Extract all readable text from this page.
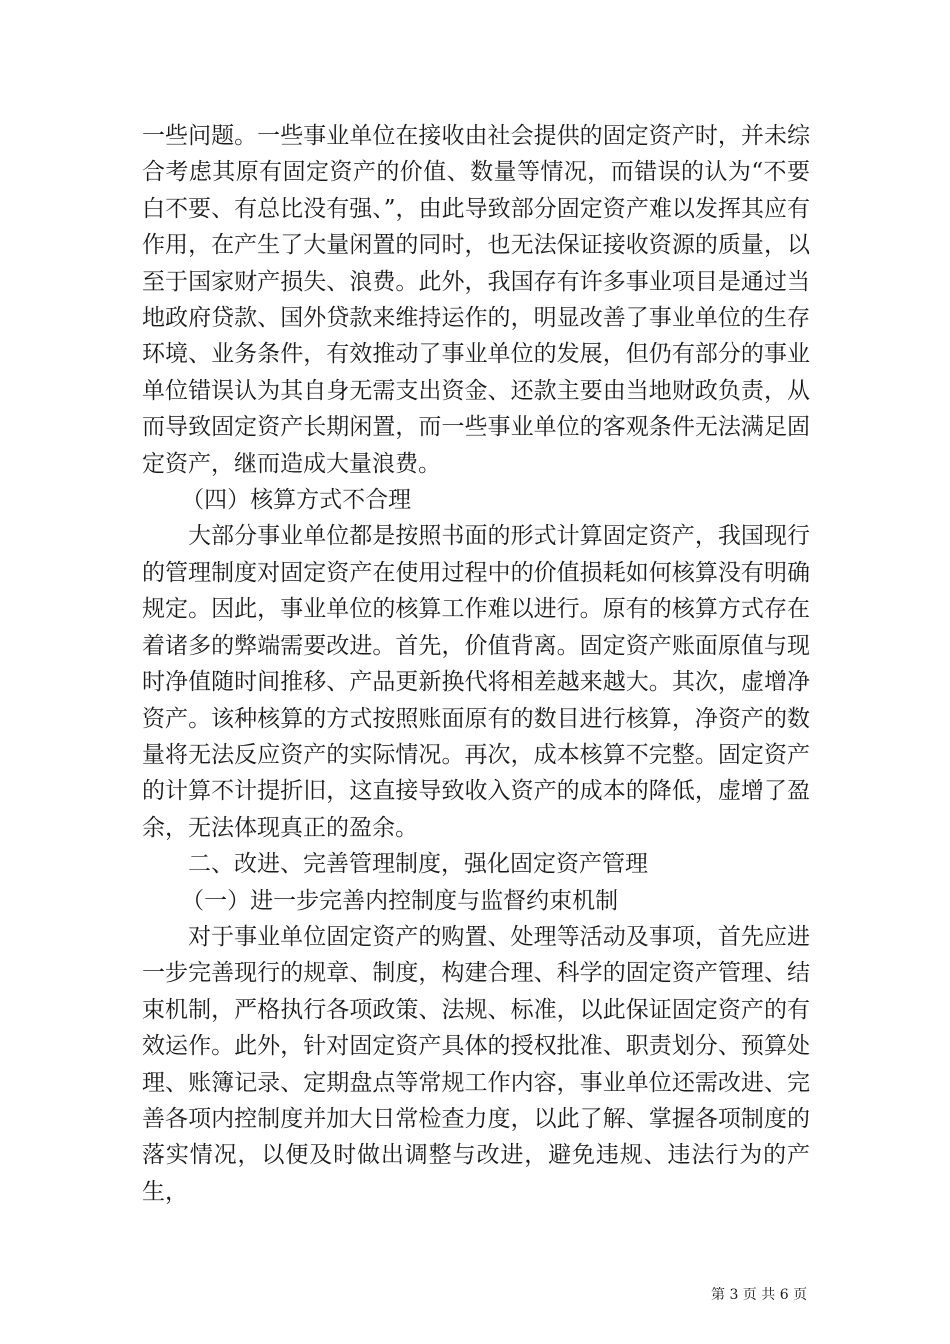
一些问题。一些事业单位在接收由社会提供的固定资产时，并未综合考虑其原有固定资产的价值、数量等情况，而错误的认为“不要白不要、有总比没有强、”，由此导致部分固定资产难以发挥其应有作用，在产生了大量闲置的同时，也无法保证接收资源的质量，以至于国家财产损失、浪费。此外，我国存有许多事业项目是通过当地政府贷款、国外贷款来维持运作的，明显改善了事业单位的生存环境、业务条件，有效推动了事业单位的发展，但仍有部分的事业单位错误认为其自身无需支出资金、还款主要由当地财政负责，从而导致固定资产长期闲置，而一些事业单位的客观条件无法满足固定资产，继而造成大量浪费。

（四）核算方式不合理

大部分事业单位都是按照书面的形式计算固定资产，我国现行的管理制度对固定资产在使用过程中的价值损耗如何核算没有明确规定。因此，事业单位的核算工作难以进行。原有的核算方式存在着诸多的弊端需要改进。首先，价值背离。固定资产账面原值与现时净值随时间推移、产品更新换代将相差越来越大。其次，虚增净资产。该种核算的方式按照账面原有的数目进行核算，净资产的数量将无法反应资产的实际情况。再次，成本核算不完整。固定资产的计算不计提折旧，这直接导致收入资产的成本的降低，虚增了盈余，无法体现真正的盈余。

二、改进、完善管理制度，强化固定资产管理

（一）进一步完善内控制度与监督约束机制

对于事业单位固定资产的购置、处理等活动及事项，首先应进一步完善现行的规章、制度，构建合理、科学的固定资产管理、结束机制，严格执行各项政策、法规、标准，以此保证固定资产的有效运作。此外，针对固定资产具体的授权批准、职责划分、预算处理、账簿记录、定期盘点等常规工作内容，事业单位还需改进、完善各项内控制度并加大日常检查力度，以此了解、掌握各项制度的落实情况，以便及时做出调整与改进，避免违规、违法行为的产生，

第 3 页 共 6 页
